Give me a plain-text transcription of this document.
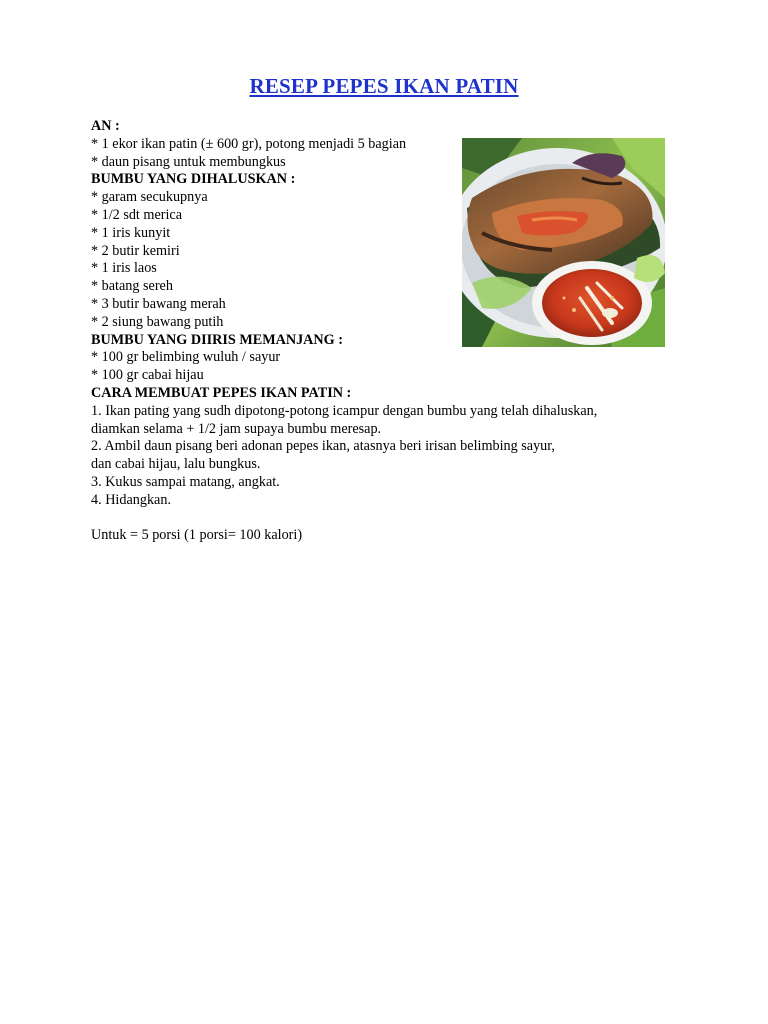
RESEP PEPES IKAN PATIN
AN :
* 1 ekor ikan patin (± 600 gr), potong menjadi 5 bagian
* daun pisang untuk membungkus
BUMBU YANG DIHALUSKAN :
* garam secukupnya
* 1/2 sdt merica
* 1 iris kunyit
* 2 butir kemiri
* 1 iris laos
* batang sereh
* 3 butir bawang merah
* 2 siung bawang putih
BUMBU YANG DIIRIS MEMANJANG :
* 100 gr belimbing wuluh / sayur
* 100 gr cabai hijau
CARA MEMBUAT PEPES IKAN PATIN :
1. Ikan pating yang sudh dipotong-potong icampur dengan bumbu yang telah dihaluskan,
diamkan selama + 1/2 jam supaya bumbu meresap.
2. Ambil daun pisang beri adonan pepes ikan, atasnya beri irisan belimbing sayur,
dan cabai hijau, lalu bungkus.
3. Kukus sampai matang, angkat.
4. Hidangkan.
Untuk = 5 porsi (1 porsi= 100 kalori)
